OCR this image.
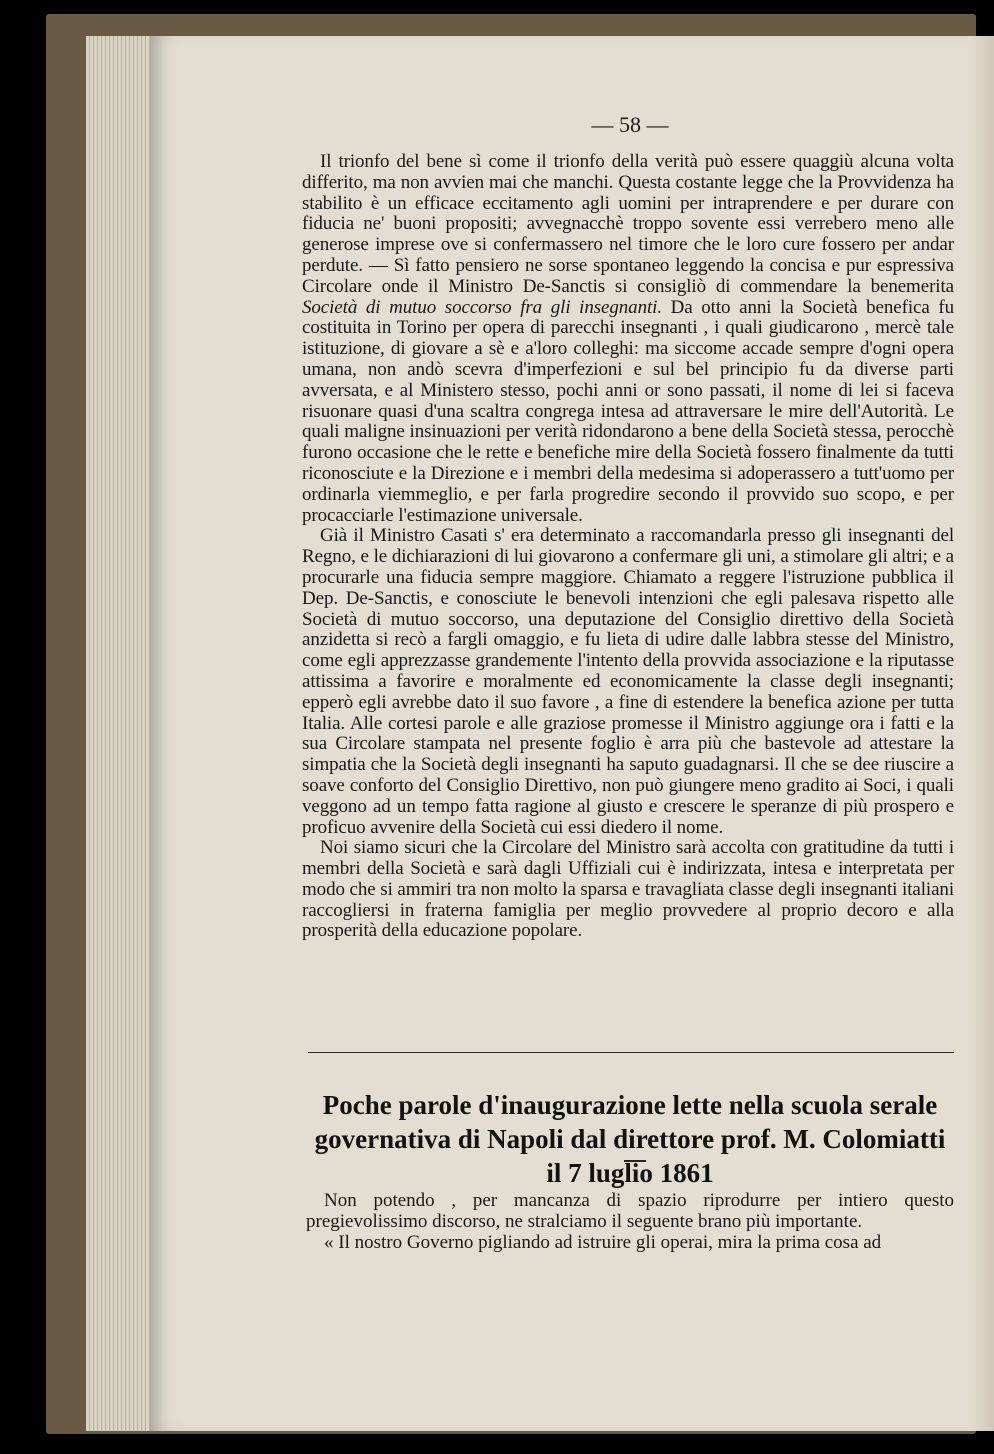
— 58 —

Il trionfo del bene sì come il trionfo della verità può essere quaggiù alcuna volta differito, ma non avvien mai che manchi. Questa costante legge che la Provvidenza ha stabilito è un efficace eccitamento agli uomini per intraprendere e per durare con fiducia ne' buoni propositi; avvegnacchè troppo sovente essi verrebero meno alle generose imprese ove si confermassero nel timore che le loro cure fossero per andar perdute. — Sì fatto pensiero ne sorse spontaneo leggendo la concisa e pur espressiva Circolare onde il Ministro De-Sanctis si consigliò di commendare la benemerita Società di mutuo soccorso fra gli insegnanti. Da otto anni la Società benefica fu costituita in Torino per opera di parecchi insegnanti , i quali giudicarono , mercè tale istituzione, di giovare a sè e a'loro colleghi: ma siccome accade sempre d'ogni opera umana, non andò scevra d'imperfezioni e sul bel principio fu da diverse parti avversata, e al Ministero stesso, pochi anni or sono passati, il nome di lei si faceva risuonare quasi d'una scaltra congrega intesa ad attraversare le mire dell'Autorità. Le quali maligne insinuazioni per verità ridondarono a bene della Società stessa, perocchè furono occasione che le rette e benefiche mire della Società fossero finalmente da tutti riconosciute e la Direzione e i membri della medesima si adoperassero a tutt'uomo per ordinarla viemmeglio, e per farla progredire secondo il provvido suo scopo, e per procacciarle l'estimazione universale.

Già il Ministro Casati s' era determinato a raccomandarla presso gli insegnanti del Regno, e le dichiarazioni di lui giovarono a confermare gli uni, a stimolare gli altri; e a procurarle una fiducia sempre maggiore. Chiamato a reggere l'istruzione pubblica il Dep. De-Sanctis, e conosciute le benevoli intenzioni che egli palesava rispetto alle Società di mutuo soccorso, una deputazione del Consiglio direttivo della Società anzidetta si recò a fargli omaggio, e fu lieta di udire dalle labbra stesse del Ministro, come egli apprezzasse grandemente l'intento della provvida associazione e la riputasse attissima a favorire e moralmente ed economicamente la classe degli insegnanti; epperò egli avrebbe dato il suo favore , a fine di estendere la benefica azione per tutta Italia. Alle cortesi parole e alle graziose promesse il Ministro aggiunge ora i fatti e la sua Circolare stampata nel presente foglio è arra più che bastevole ad attestare la simpatia che la Società degli insegnanti ha saputo guadagnarsi. Il che se dee riuscire a soave conforto del Consiglio Direttivo, non può giungere meno gradito ai Soci, i quali veggono ad un tempo fatta ragione al giusto e crescere le speranze di più prospero e proficuo avvenire della Società cui essi diedero il nome.

Noi siamo sicuri che la Circolare del Ministro sarà accolta con gratitudine da tutti i membri della Società e sarà dagli Uffiziali cui è indirizzata, intesa e interpretata per modo che si ammiri tra non molto la sparsa e travagliata classe degli insegnanti italiani raccogliersi in fraterna famiglia per meglio provvedere al proprio decoro e alla prosperità della educazione popolare.

Poche parole d'inaugurazione lette nella scuola serale governativa di Napoli dal direttore prof. M. Colomiatti il 7 luglio 1861

Non potendo , per mancanza di spazio riprodurre per intiero questo pregievolissimo discorso, ne stralciamo il seguente brano più importante.

« Il nostro Governo pigliando ad istruire gli operai, mira la prima cosa ad
